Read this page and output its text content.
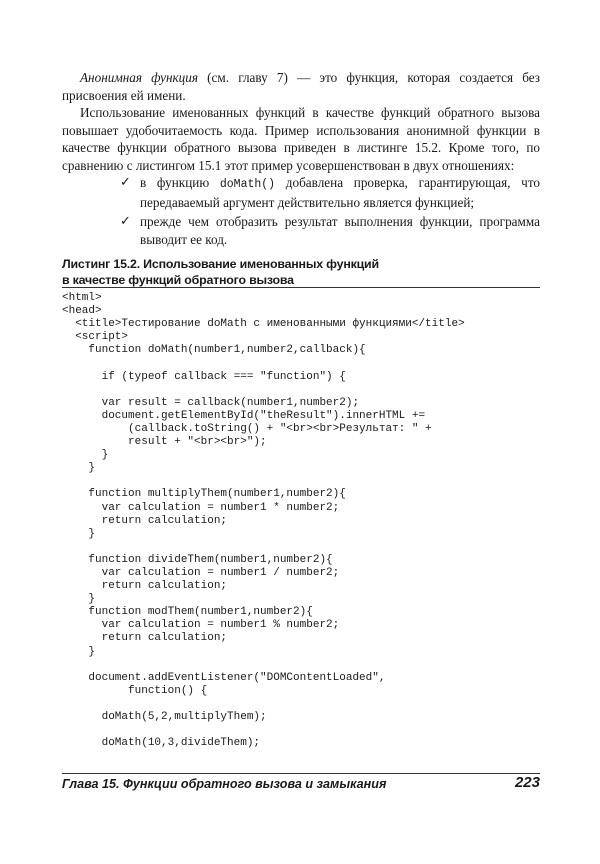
Анонимная функция (см. главу 7) — это функция, которая создается без присвоения ей имени.

Использование именованных функций в качестве функций обратного вызова повышает удобочитаемость кода. Пример использования анонимной функции в качестве функции обратного вызова приведен в листинге 15.2. Кроме того, по сравнению с листингом 15.1 этот пример усовершенствован в двух отношениях:

✓ в функцию doMath() добавлена проверка, гарантирующая, что передаваемый аргумент действительно является функцией;
✓ прежде чем отобразить результат выполнения функции, программа выводит ее код.
Листинг 15.2. Использование именованных функций
в качестве функций обратного вызова
<html>
<head>
<title>Тестирование doMath с именованными функциями</title>
<script>
function doMath(number1,number2,callback){

if (typeof callback === "function") {

var result = callback(number1,number2);
document.getElementById("theResult").innerHTML +=
(callback.toString() + "<br><br>Результат: " +
result + "<br><br>");
}
}

function multiplyThem(number1,number2){
var calculation = number1 * number2;
return calculation;
}

function divideThem(number1,number2){
var calculation = number1 / number2;
return calculation;
}
function modThem(number1,number2){
var calculation = number1 % number2;
return calculation;
}

document.addEventListener("DOMContentLoaded",
function() {

doMath(5,2,multiplyThem);

doMath(10,3,divideThem);
Глава 15. Функции обратного вызова и замыкания	223
